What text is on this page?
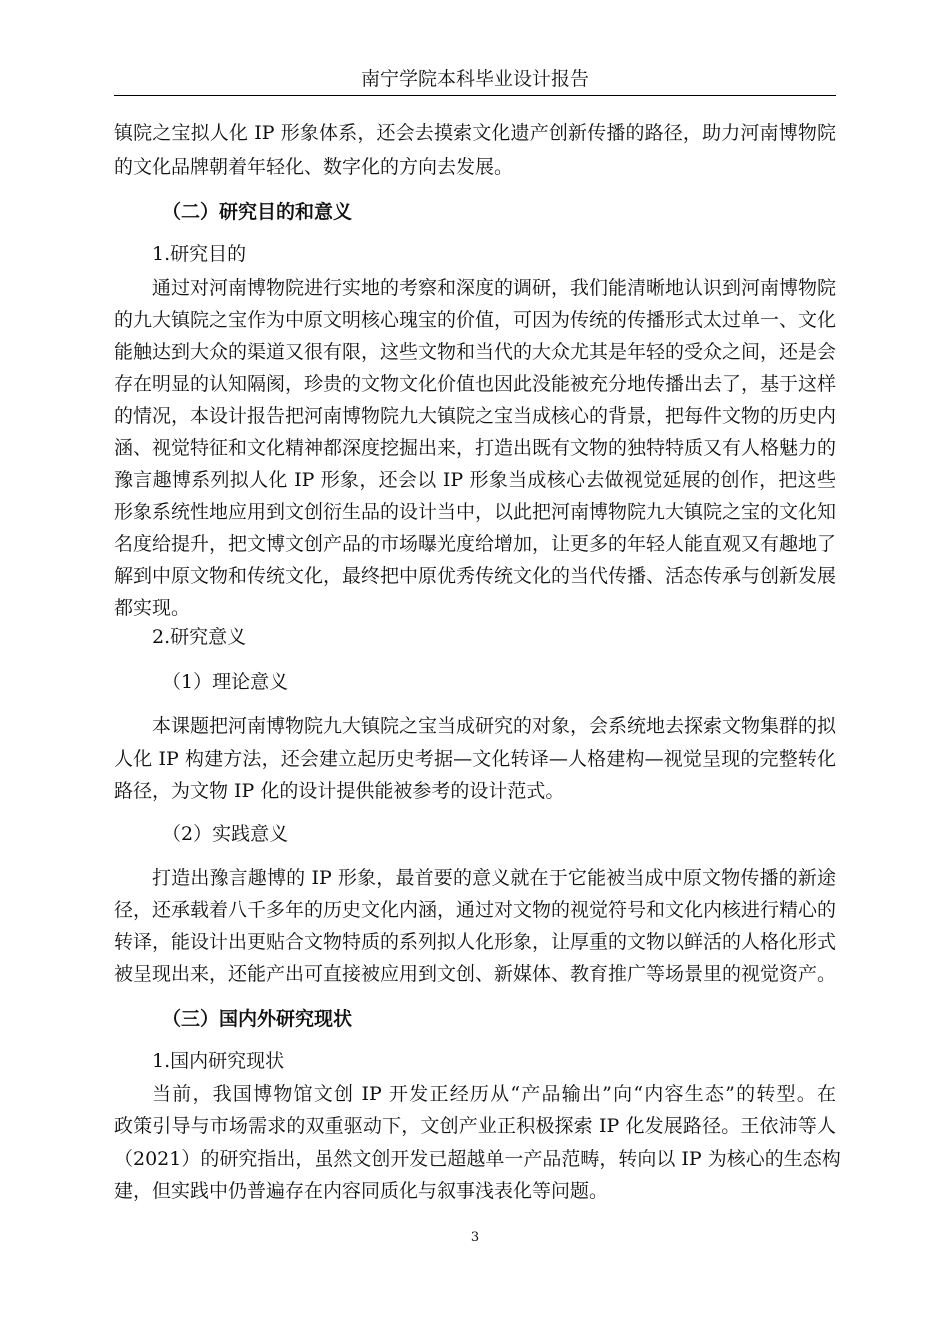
南宁学院本科毕业设计报告
镇院之宝拟人化 IP 形象体系，还会去摸索文化遗产创新传播的路径，助力河南博物院
的文化品牌朝着年轻化、数字化的方向去发展。
（二）研究目的和意义
1.研究目的
通过对河南博物院进行实地的考察和深度的调研，我们能清晰地认识到河南博物院
的九大镇院之宝作为中原文明核心瑰宝的价值，可因为传统的传播形式太过单一、文化
能触达到大众的渠道又很有限，这些文物和当代的大众尤其是年轻的受众之间，还是会
存在明显的认知隔阂，珍贵的文物文化价值也因此没能被充分地传播出去了，基于这样
的情况，本设计报告把河南博物院九大镇院之宝当成核心的背景，把每件文物的历史内
涵、视觉特征和文化精神都深度挖掘出来，打造出既有文物的独特特质又有人格魅力的
豫言趣博系列拟人化 IP 形象，还会以 IP 形象当成核心去做视觉延展的创作，把这些
形象系统性地应用到文创衍生品的设计当中，以此把河南博物院九大镇院之宝的文化知
名度给提升，把文博文创产品的市场曝光度给增加，让更多的年轻人能直观又有趣地了
解到中原文物和传统文化，最终把中原优秀传统文化的当代传播、活态传承与创新发展
都实现。
2.研究意义
（1）理论意义
本课题把河南博物院九大镇院之宝当成研究的对象，会系统地去探索文物集群的拟
人化 IP 构建方法，还会建立起历史考据—文化转译—人格建构—视觉呈现的完整转化
路径，为文物 IP 化的设计提供能被参考的设计范式。
（2）实践意义
打造出豫言趣博的 IP 形象，最首要的意义就在于它能被当成中原文物传播的新途
径，还承载着八千多年的历史文化内涵，通过对文物的视觉符号和文化内核进行精心的
转译，能设计出更贴合文物特质的系列拟人化形象，让厚重的文物以鲜活的人格化形式
被呈现出来，还能产出可直接被应用到文创、新媒体、教育推广等场景里的视觉资产。
（三）国内外研究现状
1.国内研究现状
当前，我国博物馆文创 IP 开发正经历从“产品输出”向“内容生态”的转型。在
政策引导与市场需求的双重驱动下，文创产业正积极探索 IP 化发展路径。王依沛等人
（2021）的研究指出，虽然文创开发已超越单一产品范畴，转向以 IP 为核心的生态构
建，但实践中仍普遍存在内容同质化与叙事浅表化等问题。
3
